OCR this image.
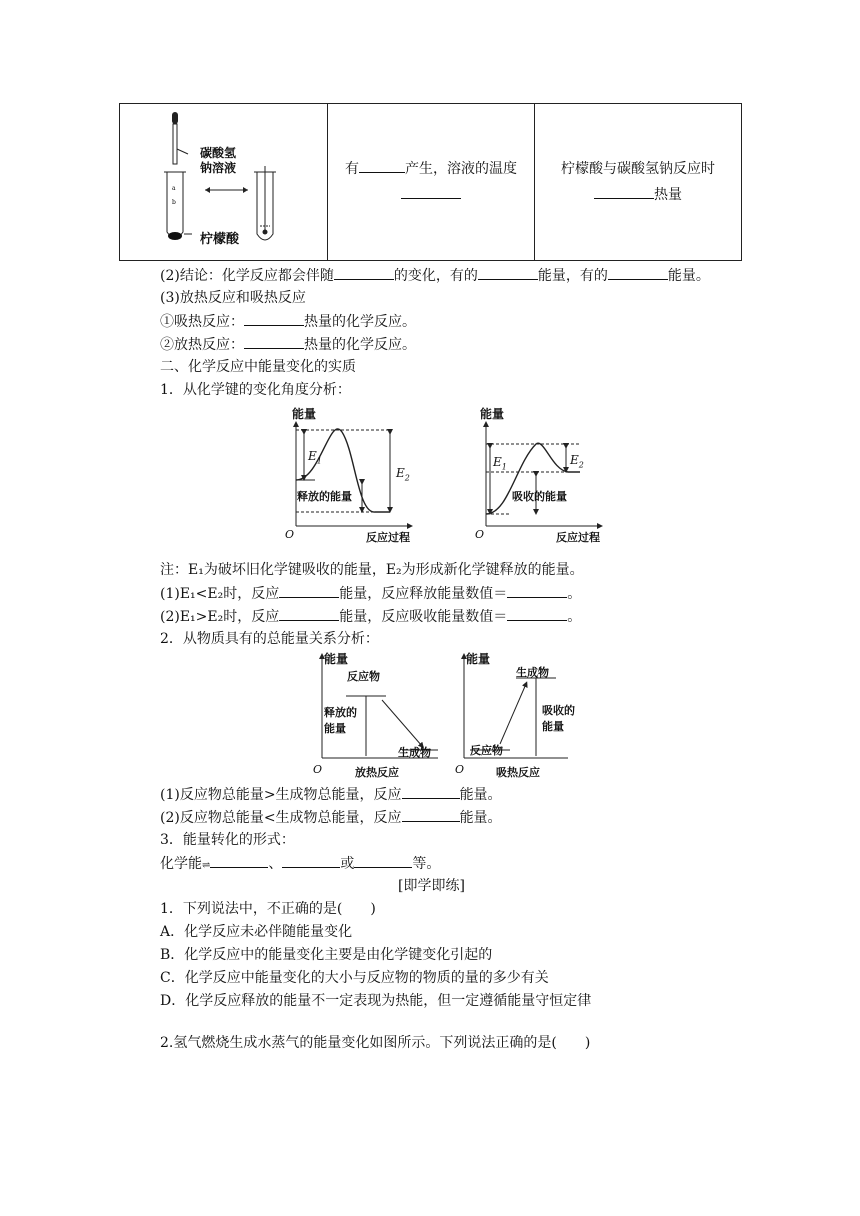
a
b
碳酸氢钠溶液
柠檬酸

有	产生，溶液的温度	柠檬酸与碳酸氢钠反应时
热量
(2)结论：化学反应都会伴随	的变化，有的	能量，有的	能量。
(3)放热反应和吸热反应
①吸热反应：	热量的化学反应。
②放热反应：	热量的化学反应。
二、化学反应中能量变化的实质
1．从化学键的变化角度分析：
能量	能量
$E_1$
$E_2$
释放的能量
$E_1$	$E_2$
吸收的能量
O	反应过程	O	反应过程
注：E₁为破坏旧化学键吸收的能量，E₂为形成新化学键释放的能量。
(1)E₁<E₂时，反应	能量，反应释放能量数值＝	。
(2)E₁>E₂时，反应	能量，反应吸收能量数值＝	。
2．从物质具有的总能量关系分析：
能量	能量
反应物
释放的
能量
生成物
生成物
吸收的
能量
反应物
O	放热反应	O	吸热反应
(1)反应物总能量>生成物总能量，反应	能量。
(2)反应物总能量<生成物总能量，反应	能量。
3．能量转化的形式：
化学能⇌	、	或	等。
[即学即练]
1．下列说法中，不正确的是(　　)
A．化学反应未必伴随能量变化
B．化学反应中的能量变化主要是由化学键变化引起的
C．化学反应中能量变化的大小与反应物的物质的量的多少有关
D．化学反应释放的能量不一定表现为热能，但一定遵循能量守恒定律
2.氢气燃烧生成水蒸气的能量变化如图所示。下列说法正确的是(　　)
